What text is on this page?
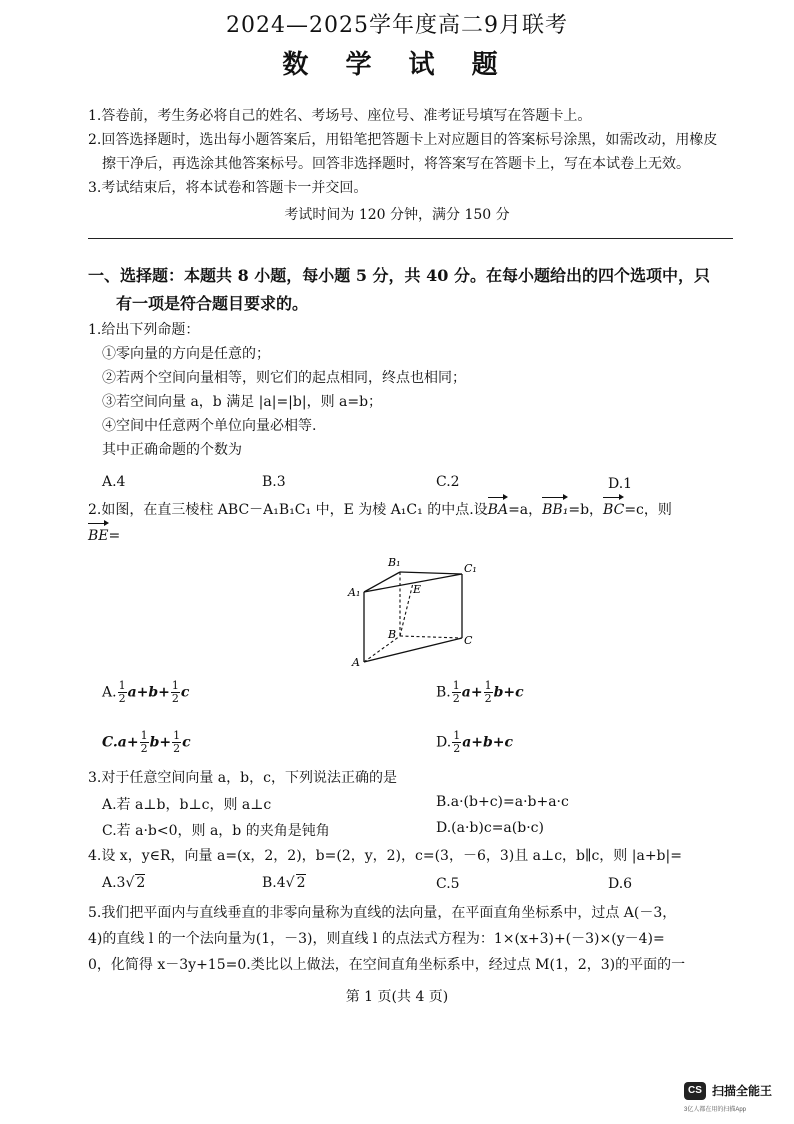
2024—2025学年度高二9月联考
数 学 试 题
1.答卷前，考生务必将自己的姓名、考场号、座位号、准考证号填写在答题卡上。
2.回答选择题时，选出每小题答案后，用铅笔把答题卡上对应题目的答案标号涂黑，如需改动，用橡皮
擦干净后，再选涂其他答案标号。回答非选择题时，将答案写在答题卡上，写在本试卷上无效。
3.考试结束后，将本试卷和答题卡一并交回。
考试时间为 120 分钟，满分 150 分
一、选择题：本题共 8 小题，每小题 5 分，共 40 分。在每小题给出的四个选项中，只
有一项是符合题目要求的。
1.给出下列命题：
①零向量的方向是任意的；
②若两个空间向量相等，则它们的起点相同，终点也相同；
③若空间向量 a，b 满足 |a|=|b|，则 a=b；
④空间中任意两个单位向量必相等.
其中正确命题的个数为
A.4	B.3	C.2	D.1
2.如图，在直三棱柱 ABC－A₁B₁C₁ 中，E 为棱 A₁C₁ 的中点.设BA=a，BB₁=b，BC=c，则
BE=
B₁	C₁
A₁	E
B	C
A
A. $\frac{1}{2} a+b+ \frac{1}{2}$ c	B. $\frac{1}{2} a+ \frac{1}{2} b+c$
$C.a+ \frac{1}{2} b+ \frac{1}{2}$ c	D. $\frac{1}{2} a+b+c$
3.对于任意空间向量 a，b，c，下列说法正确的是
A.若 a⊥b，b⊥c，则 a⊥c	B.a·(b+c)=a·b+a·c
C.若 a·b<0，则 a，b 的夹角是钝角	D.(a·b)c=a(b·c)
4.设 x，y∈R，向量 a=(x，2，2)，b=(2，y，2)，c=(3，－6，3)且 a⊥c，b∥c，则 |a+b|=
A.3√ 2	B.4√ 2	C.5	D.6
5.我们把平面内与直线垂直的非零向量称为直线的法向量，在平面直角坐标系中，过点 A(－3，
4)的直线 l 的一个法向量为(1，－3)，则直线 l 的点法式方程为：1×(x+3)+(－3)×(y－4)=
0，化简得 x－3y+15=0.类比以上做法，在空间直角坐标系中，经过点 M(1，2，3)的平面的一
第 1 页(共 4 页)
CS 扫描全能王
3亿人都在用的扫描App
